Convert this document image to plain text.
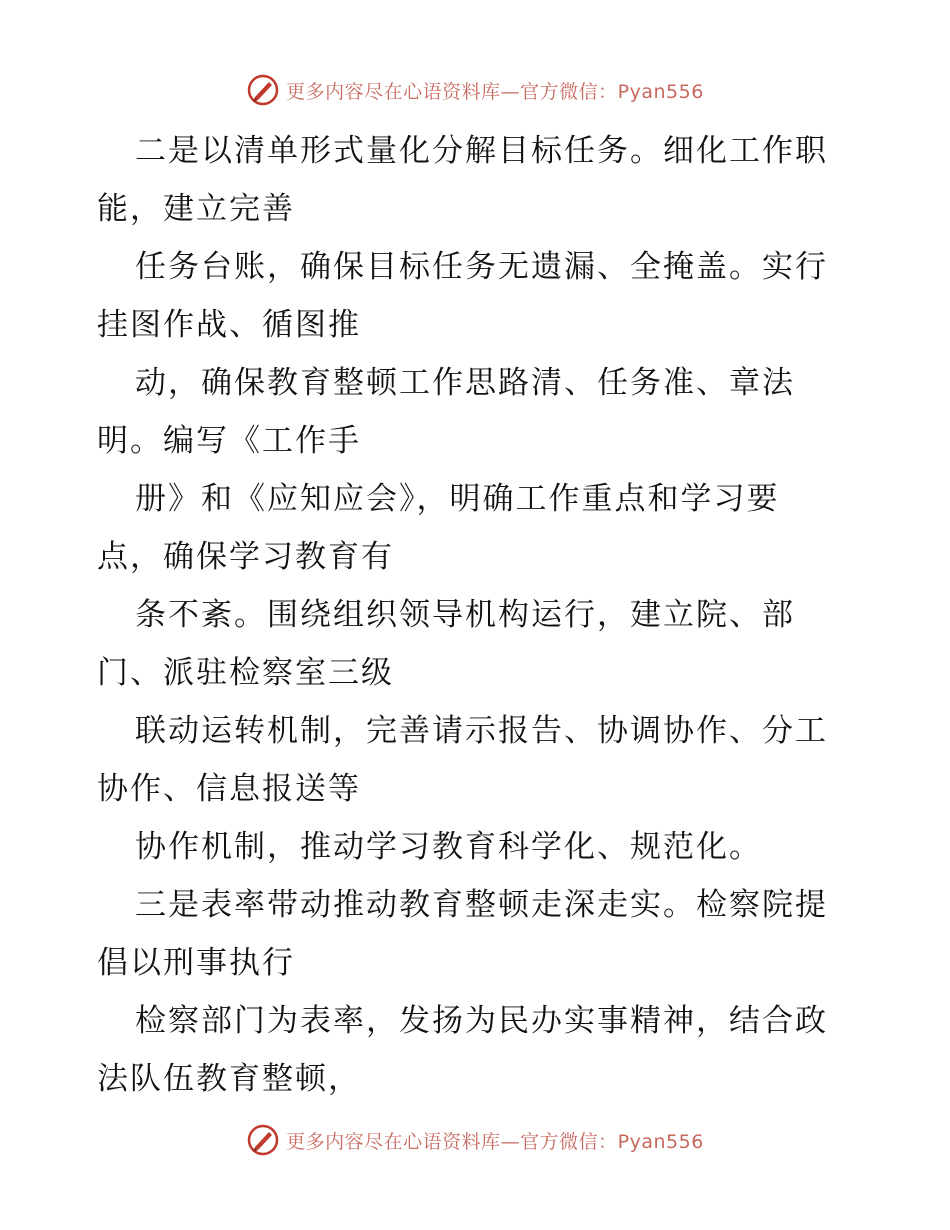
更多内容尽在心语资料库—官方微信：Pyan556
二是以清单形式量化分解目标任务。细化工作职
能，建立完善
任务台账，确保目标任务无遗漏、全掩盖。实行
挂图作战、循图推
动，确保教育整顿工作思路清、任务准、章法
明。编写《工作手
册》和《应知应会》，明确工作重点和学习要
点，确保学习教育有
条不紊。围绕组织领导机构运行，建立院、部
门、派驻检察室三级
联动运转机制，完善请示报告、协调协作、分工
协作、信息报送等
协作机制，推动学习教育科学化、规范化。
三是表率带动推动教育整顿走深走实。检察院提
倡以刑事执行
检察部门为表率，发扬为民办实事精神，结合政
法队伍教育整顿，
更多内容尽在心语资料库—官方微信：Pyan556
